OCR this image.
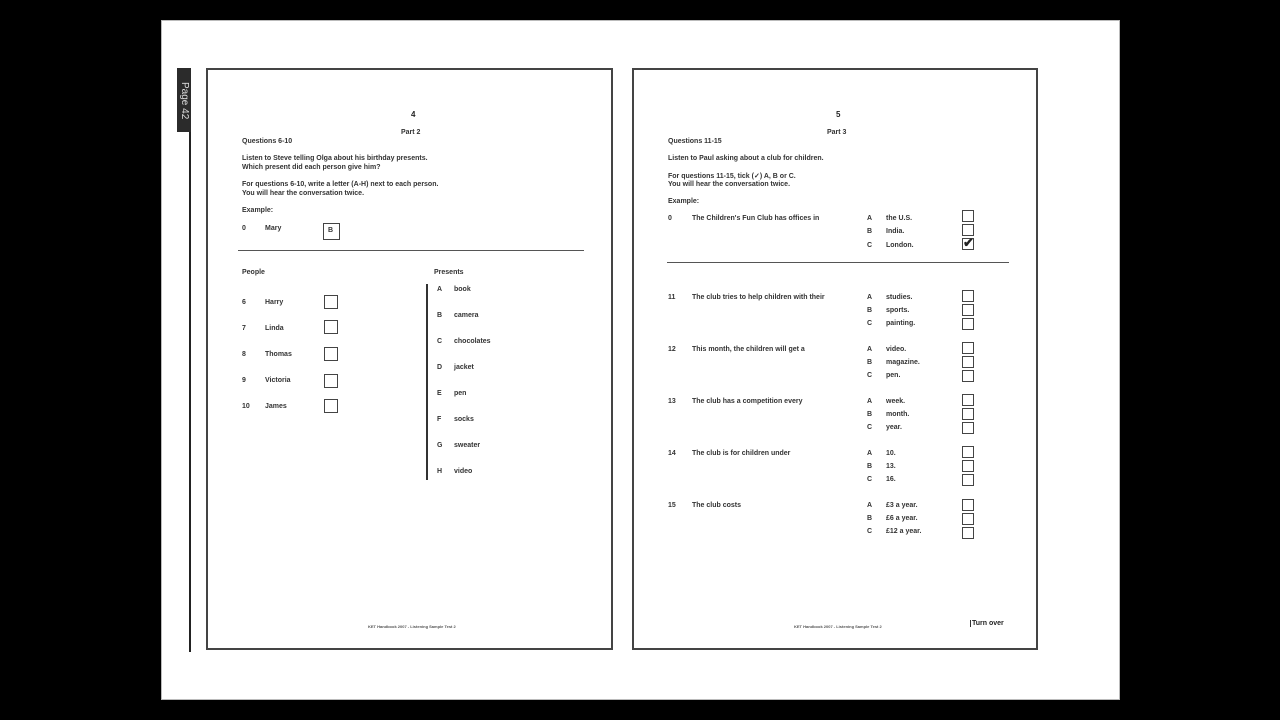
Page 42	4
Part 2
Questions 6-10
Listen to Steve telling Olga about his birthday presents.
Which present did each person give him?
For questions 6-10, write a letter (A-H) next to each person.
You will hear the conversation twice.
Example:
0	Mary	B
People	Presents
6	Harry
7	Linda
8	Thomas
9	Victoria
10 James
A book
B camera
C chocolates
D jacket
E pen
F socks
G sweater
H video
KET Handbook 2007 - Listening Sample Test 2
5
Part 3
Questions 11-15
Listen to Paul asking about a club for children.
For questions 11-15, tick (✓) A, B or C.
You will hear the conversation twice.
Example:
0	The Children's Fun Club has offices in	A the U.S.
B India.
C London.	✔
11 The club tries to help children with their	A studies.
B sports.
C painting.
12 This month, the children will get a	A video.
B magazine.
C pen.
13 The club has a competition every	A week.
B month.
C year.
14 The club is for children under	A 10.
B 13.
C 16.
15 The club costs	A £3 a year.
B £6 a year.
C £12 a year.
KET Handbook 2007 - Listening Sample Test 2	Turn over
